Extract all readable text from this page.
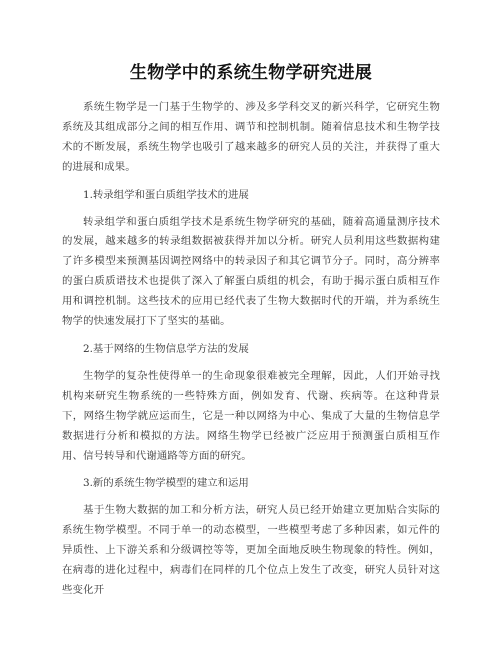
生物学中的系统生物学研究进展

系统生物学是一门基于生物学的、涉及多学科交叉的新兴科学，它研究生物系统及其组成部分之间的相互作用、调节和控制机制。随着信息技术和生物学技术的不断发展，系统生物学也吸引了越来越多的研究人员的关注，并获得了重大的进展和成果。

1.转录组学和蛋白质组学技术的进展

转录组学和蛋白质组学技术是系统生物学研究的基础，随着高通量测序技术的发展，越来越多的转录组数据被获得并加以分析。研究人员利用这些数据构建了许多模型来预测基因调控网络中的转录因子和其它调节分子。同时，高分辨率的蛋白质质谱技术也提供了深入了解蛋白质组的机会，有助于揭示蛋白质相互作用和调控机制。这些技术的应用已经代表了生物大数据时代的开端，并为系统生物学的快速发展打下了坚实的基础。

2.基于网络的生物信息学方法的发展

生物学的复杂性使得单一的生命现象很难被完全理解，因此，人们开始寻找机构来研究生物系统的一些特殊方面，例如发育、代谢、疾病等。在这种背景下，网络生物学就应运而生，它是一种以网络为中心、集成了大量的生物信息学数据进行分析和模拟的方法。网络生物学已经被广泛应用于预测蛋白质相互作用、信号转导和代谢通路等方面的研究。

3.新的系统生物学模型的建立和运用

基于生物大数据的加工和分析方法，研究人员已经开始建立更加贴合实际的系统生物学模型。不同于单一的动态模型，一些模型考虑了多种因素，如元件的异质性、上下游关系和分级调控等等，更加全面地反映生物现象的特性。例如，在病毒的进化过程中，病毒们在同样的几个位点上发生了改变，研究人员针对这些变化开
